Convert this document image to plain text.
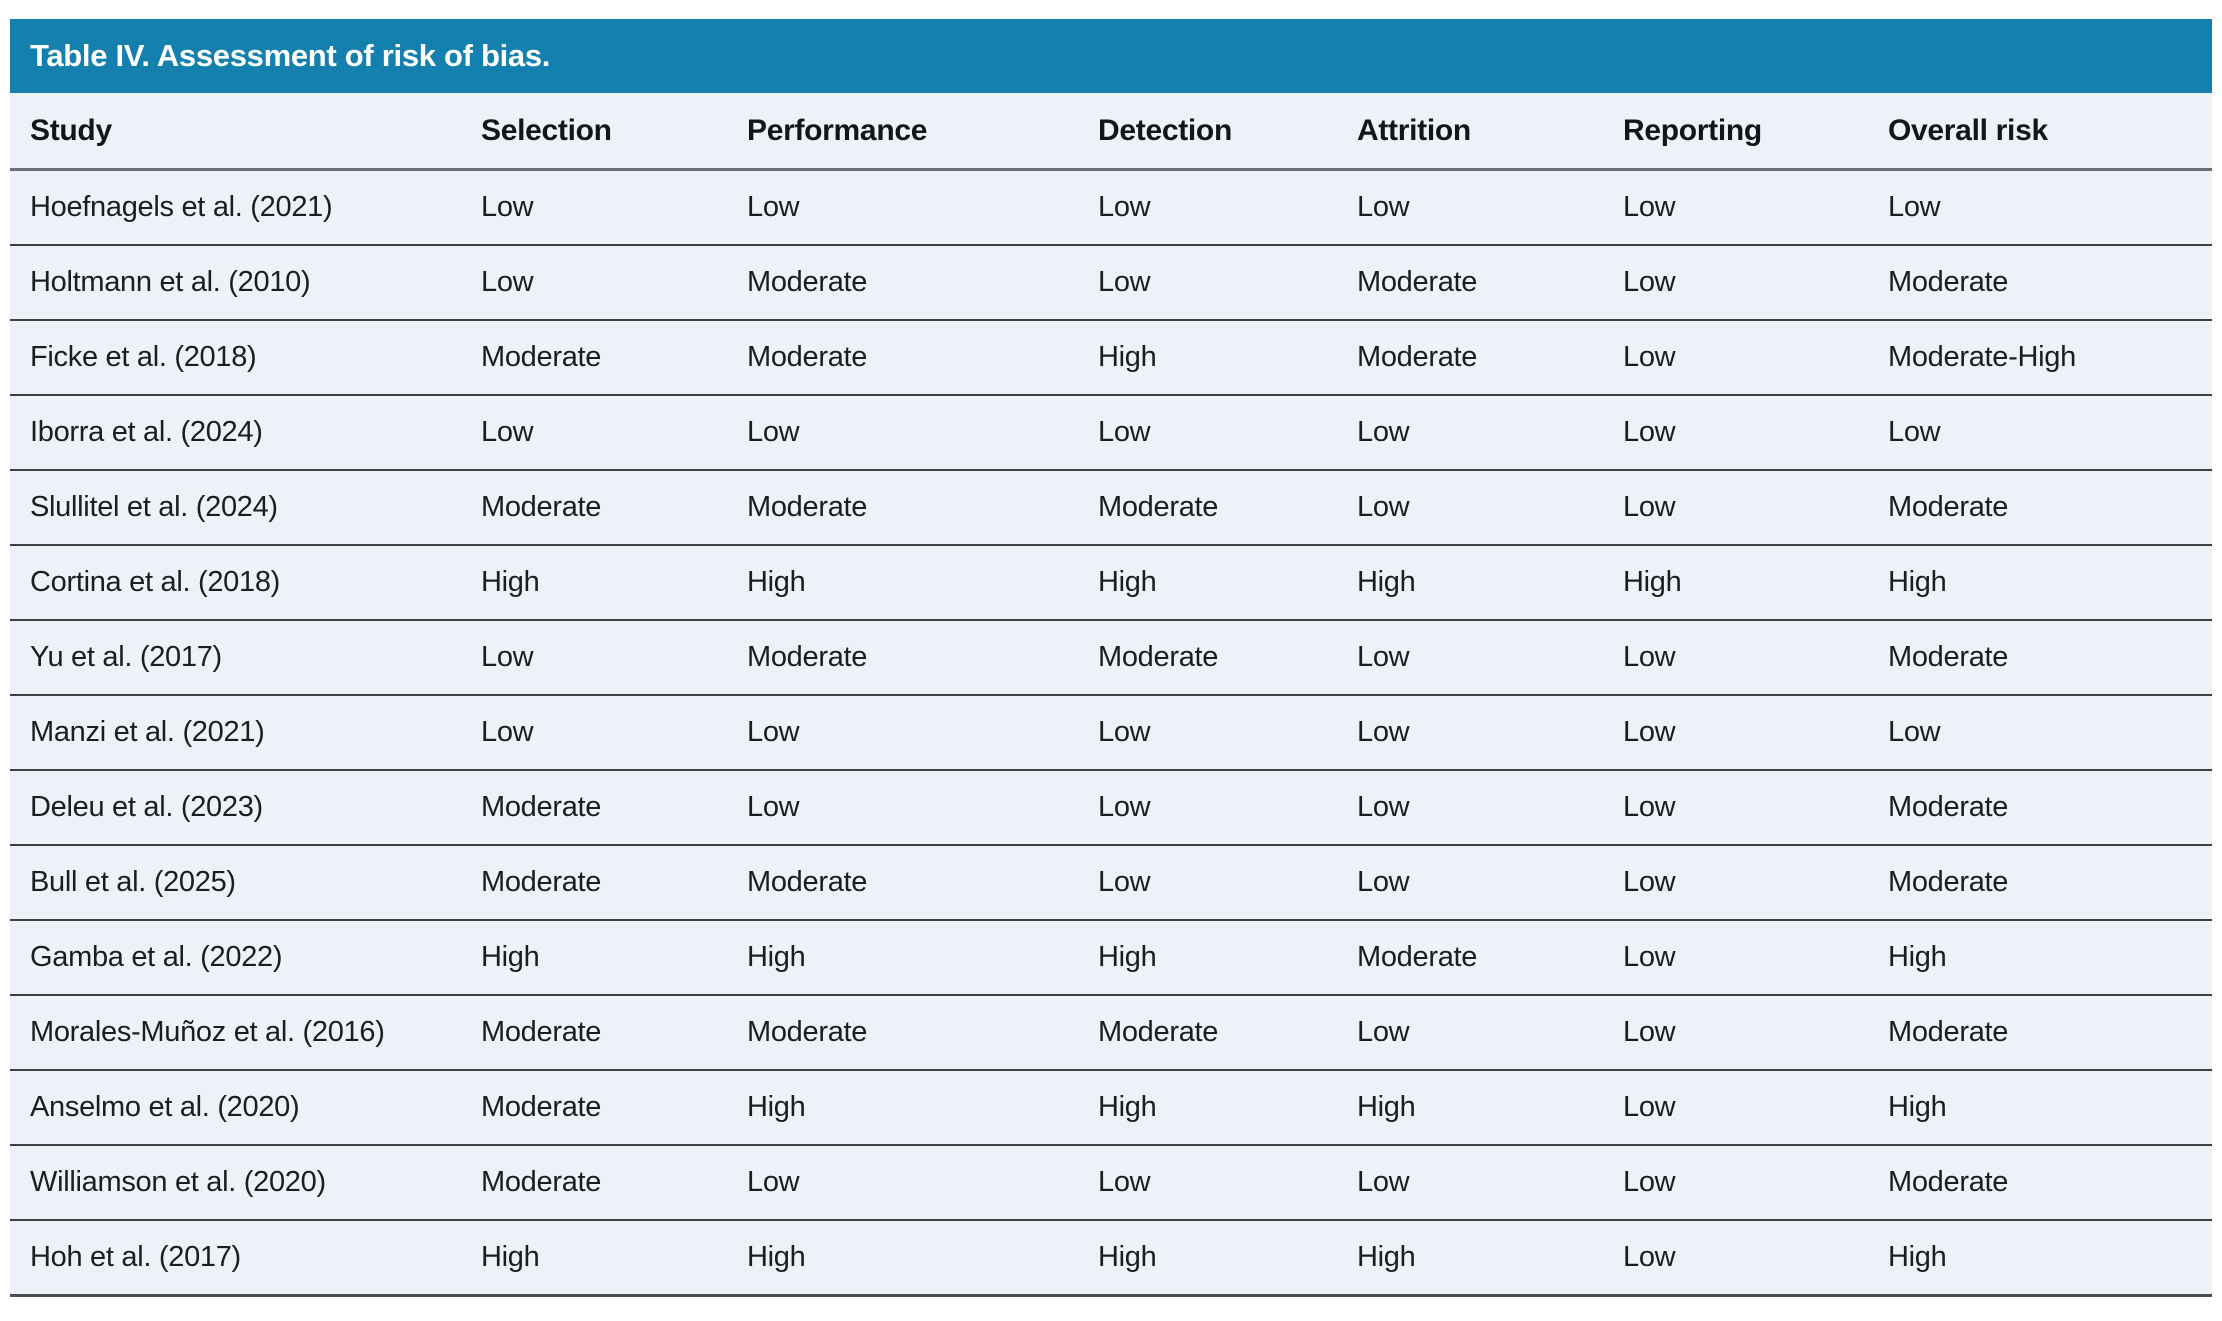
Table IV. Assessment of risk of bias.
Study	Selection	Performance	Detection	Attrition	Reporting	Overall risk
Hoefnagels et al. (2021)	Low	Low	Low	Low	Low	Low
Holtmann et al. (2010)	Low	Moderate	Low	Moderate	Low	Moderate
Ficke et al. (2018)	Moderate	Moderate	High	Moderate	Low	Moderate-High
Iborra et al. (2024)	Low	Low	Low	Low	Low	Low
Slullitel et al. (2024)	Moderate	Moderate	Moderate	Low	Low	Moderate
Cortina et al. (2018)	High	High	High	High	High	High
Yu et al. (2017)	Low	Moderate	Moderate	Low	Low	Moderate
Manzi et al. (2021)	Low	Low	Low	Low	Low	Low
Deleu et al. (2023)	Moderate	Low	Low	Low	Low	Moderate
Bull et al. (2025)	Moderate	Moderate	Low	Low	Low	Moderate
Gamba et al. (2022)	High	High	High	Moderate	Low	High
Morales-Muñoz et al. (2016)	Moderate	Moderate	Moderate	Low	Low	Moderate
Anselmo et al. (2020)	Moderate	High	High	High	Low	High
Williamson et al. (2020)	Moderate	Low	Low	Low	Low	Moderate
Hoh et al. (2017)	High	High	High	High	Low	High
